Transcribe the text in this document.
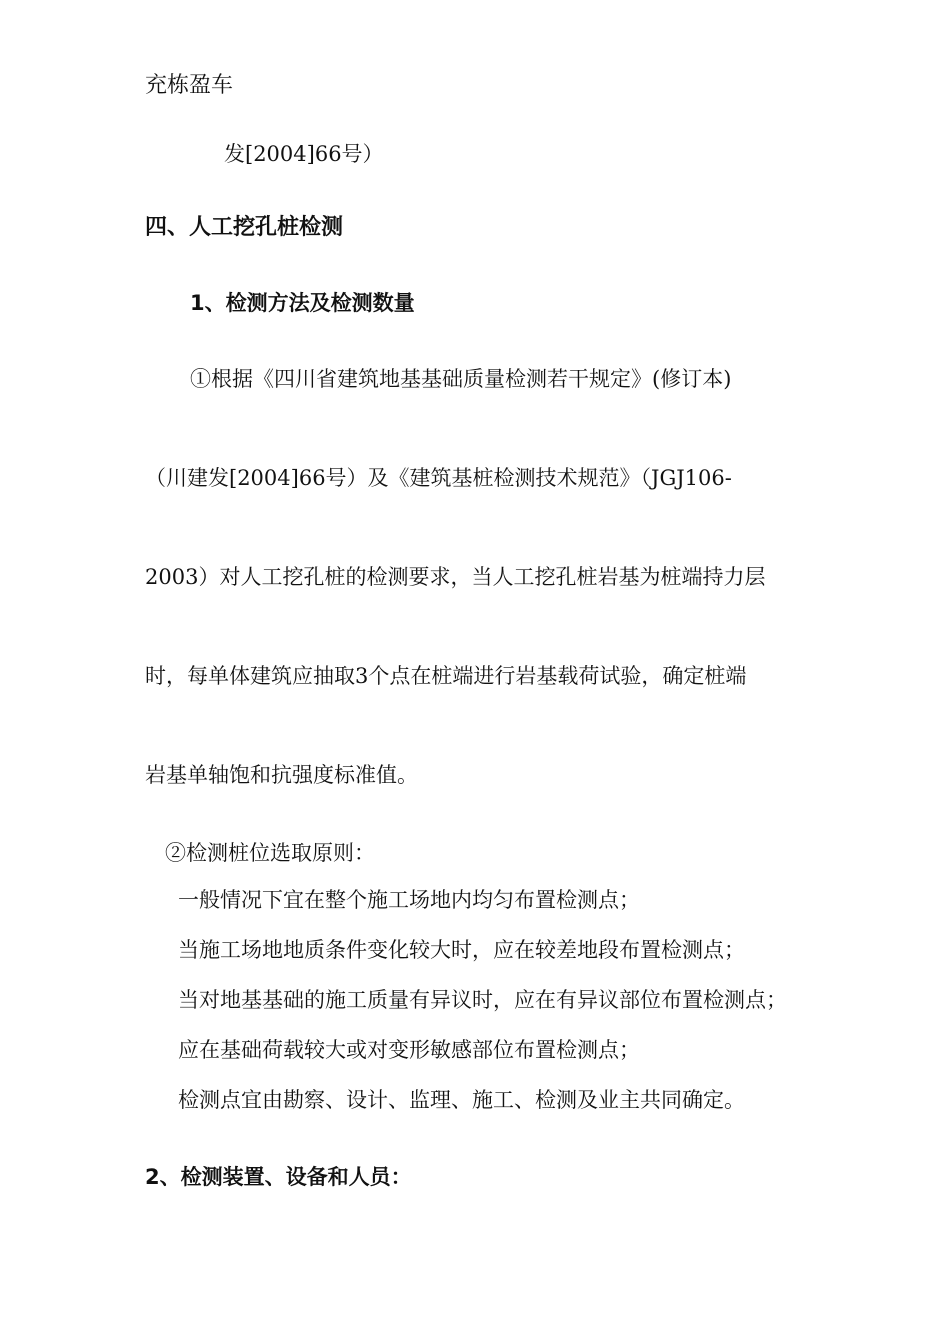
充栋盈车
发[2004]66号）
四、人工挖孔桩检测
1、检测方法及检测数量
①根据《四川省建筑地基基础质量检测若干规定》(修订本)
（川建发[2004]66号）及《建筑基桩检测技术规范》（JGJ106-
2003）对人工挖孔桩的检测要求，当人工挖孔桩岩基为桩端持力层
时，每单体建筑应抽取3个点在桩端进行岩基载荷试验，确定桩端
岩基单轴饱和抗强度标准值。
②检测桩位选取原则：
一般情况下宜在整个施工场地内均匀布置检测点；
当施工场地地质条件变化较大时，应在较差地段布置检测点；
当对地基基础的施工质量有异议时，应在有异议部位布置检测点；
应在基础荷载较大或对变形敏感部位布置检测点；
检测点宜由勘察、设计、监理、施工、检测及业主共同确定。
2、检测装置、设备和人员：
